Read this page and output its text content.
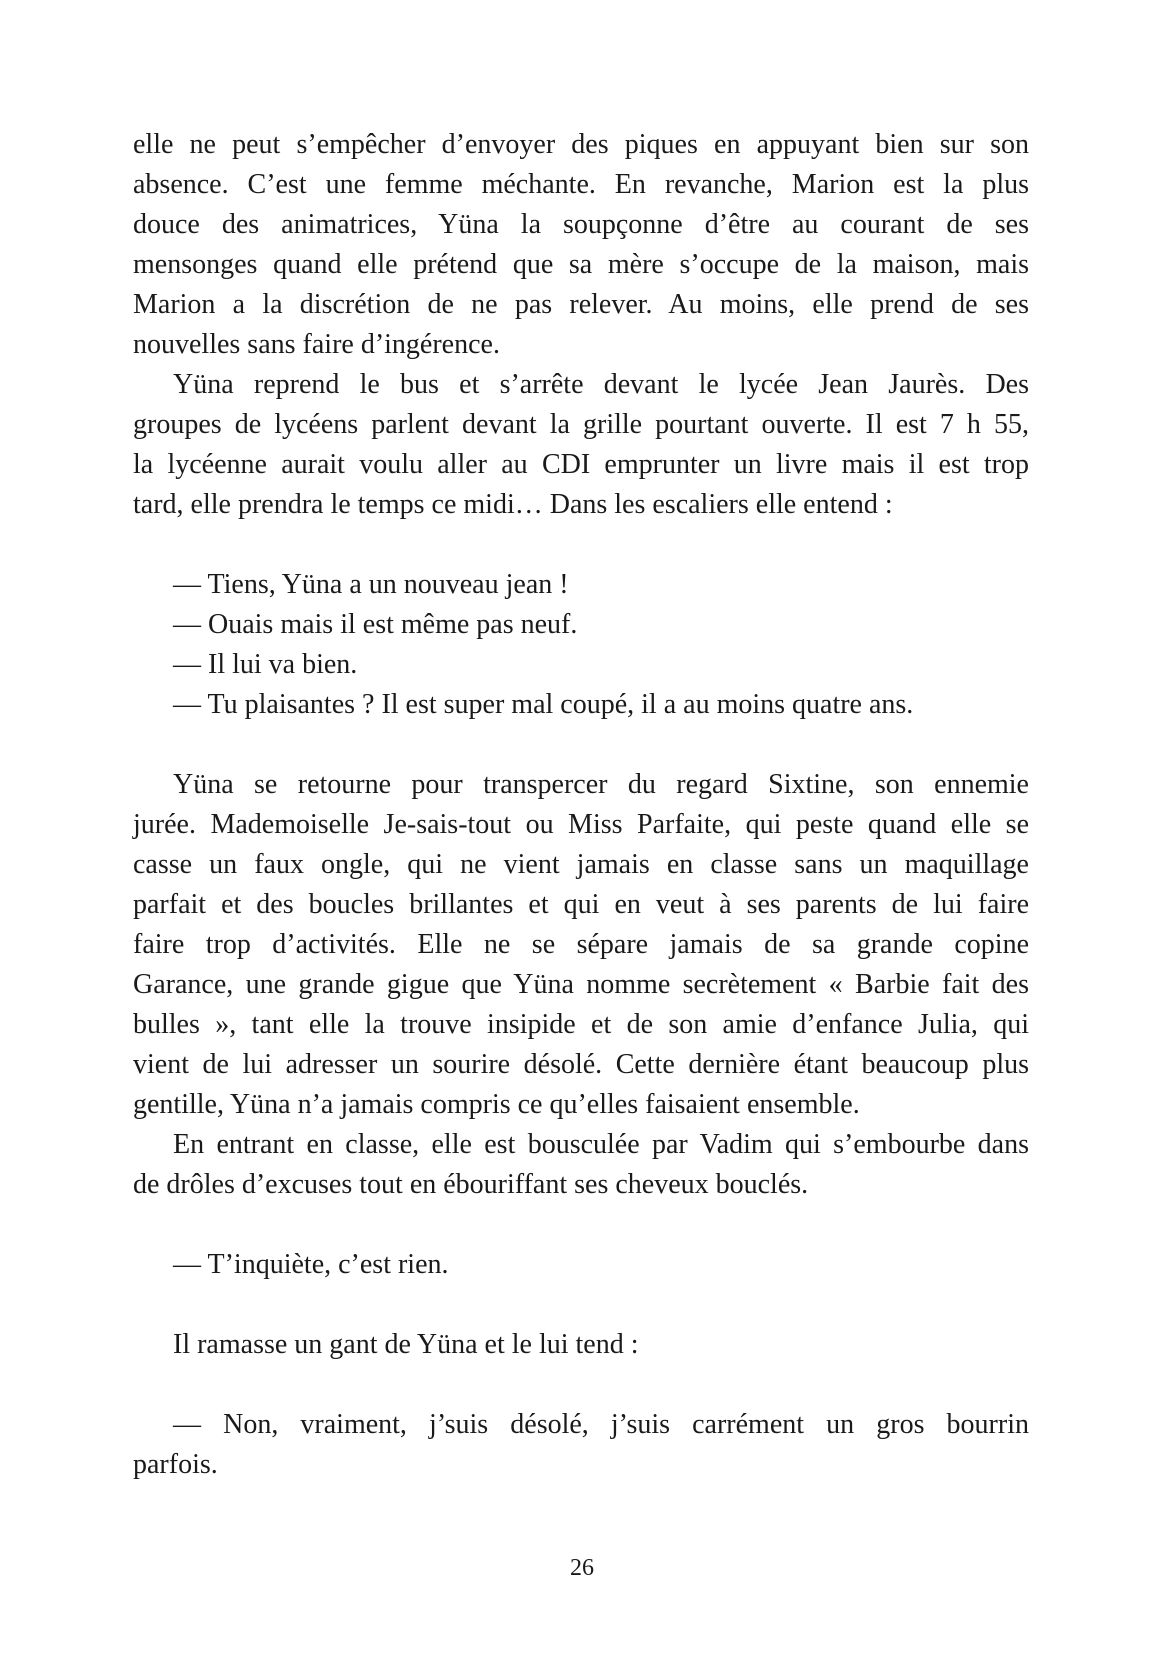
elle ne peut s’empêcher d’envoyer des piques en appuyant bien sur son

absence. C’est une femme méchante. En revanche, Marion est la plus

douce des animatrices, Yüna la soupçonne d’être au courant de ses

mensonges quand elle prétend que sa mère s’occupe de la maison, mais

Marion a la discrétion de ne pas relever. Au moins, elle prend de ses

nouvelles sans faire d’ingérence.

Yüna reprend le bus et s’arrête devant le lycée Jean Jaurès. Des

groupes de lycéens parlent devant la grille pourtant ouverte. Il est 7 h 55,

la lycéenne aurait voulu aller au CDI emprunter un livre mais il est trop

tard, elle prendra le temps ce midi… Dans les escaliers elle entend :

— Tiens, Yüna a un nouveau jean !

— Ouais mais il est même pas neuf.

— Il lui va bien.

— Tu plaisantes ? Il est super mal coupé, il a au moins quatre ans.

Yüna se retourne pour transpercer du regard Sixtine, son ennemie

jurée. Mademoiselle Je-sais-tout ou Miss Parfaite, qui peste quand elle se

casse un faux ongle, qui ne vient jamais en classe sans un maquillage

parfait et des boucles brillantes et qui en veut à ses parents de lui faire

faire trop d’activités. Elle ne se sépare jamais de sa grande copine

Garance, une grande gigue que Yüna nomme secrètement « Barbie fait des

bulles », tant elle la trouve insipide et de son amie d’enfance Julia, qui

vient de lui adresser un sourire désolé. Cette dernière étant beaucoup plus

gentille, Yüna n’a jamais compris ce qu’elles faisaient ensemble.

En entrant en classe, elle est bousculée par Vadim qui s’embourbe dans

de drôles d’excuses tout en ébouriffant ses cheveux bouclés.

— T’inquiète, c’est rien.

Il ramasse un gant de Yüna et le lui tend :

— Non, vraiment, j’suis désolé, j’suis carrément un gros bourrin

parfois.

26
